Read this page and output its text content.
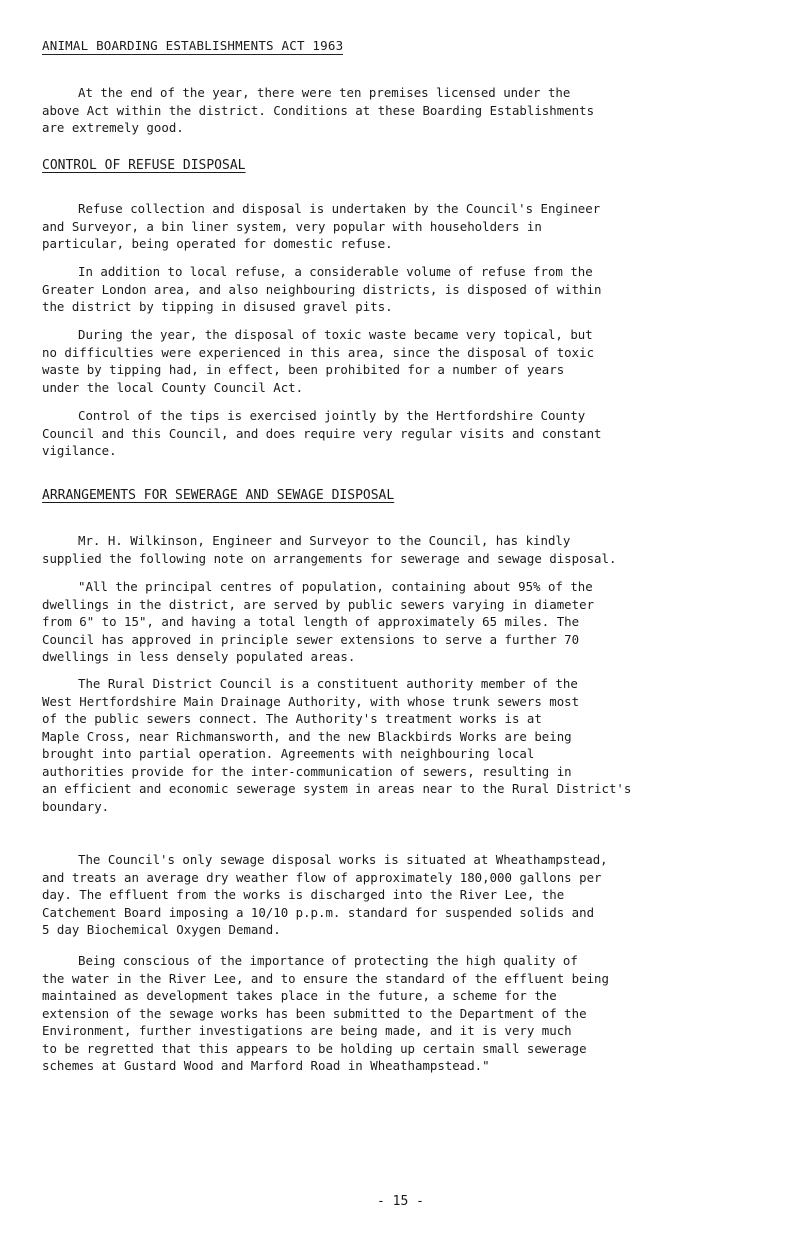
ANIMAL BOARDING ESTABLISHMENTS ACT 1963
At the end of the year, there were ten premises licensed under the
above Act within the district. Conditions at these Boarding Establishments
are extremely good.
CONTROL OF REFUSE DISPOSAL
Refuse collection and disposal is undertaken by the Council's Engineer
and Surveyor, a bin liner system, very popular with householders in
particular, being operated for domestic refuse.
In addition to local refuse, a considerable volume of refuse from the
Greater London area, and also neighbouring districts, is disposed of within
the district by tipping in disused gravel pits.
During the year, the disposal of toxic waste became very topical, but
no difficulties were experienced in this area, since the disposal of toxic
waste by tipping had, in effect, been prohibited for a number of years
under the local County Council Act.
Control of the tips is exercised jointly by the Hertfordshire County
Council and this Council, and does require very regular visits and constant
vigilance.
ARRANGEMENTS FOR SEWERAGE AND SEWAGE DISPOSAL
Mr. H. Wilkinson, Engineer and Surveyor to the Council, has kindly
supplied the following note on arrangements for sewerage and sewage disposal.
"All the principal centres of population, containing about 95% of the
dwellings in the district, are served by public sewers varying in diameter
from 6" to 15", and having a total length of approximately 65 miles. The
Council has approved in principle sewer extensions to serve a further 70
dwellings in less densely populated areas.
The Rural District Council is a constituent authority member of the
West Hertfordshire Main Drainage Authority, with whose trunk sewers most
of the public sewers connect. The Authority's treatment works is at
Maple Cross, near Richmansworth, and the new Blackbirds Works are being
brought into partial operation. Agreements with neighbouring local
authorities provide for the inter-communication of sewers, resulting in
an efficient and economic sewerage system in areas near to the Rural District's
boundary.
The Council's only sewage disposal works is situated at Wheathampstead,
and treats an average dry weather flow of approximately 180,000 gallons per
day. The effluent from the works is discharged into the River Lee, the
Catchement Board imposing a 10/10 p.p.m. standard for suspended solids and
5 day Biochemical Oxygen Demand.
Being conscious of the importance of protecting the high quality of
the water in the River Lee, and to ensure the standard of the effluent being
maintained as development takes place in the future, a scheme for the
extension of the sewage works has been submitted to the Department of the
Environment, further investigations are being made, and it is very much
to be regretted that this appears to be holding up certain small sewerage
schemes at Gustard Wood and Marford Road in Wheathampstead."
- 15 -
